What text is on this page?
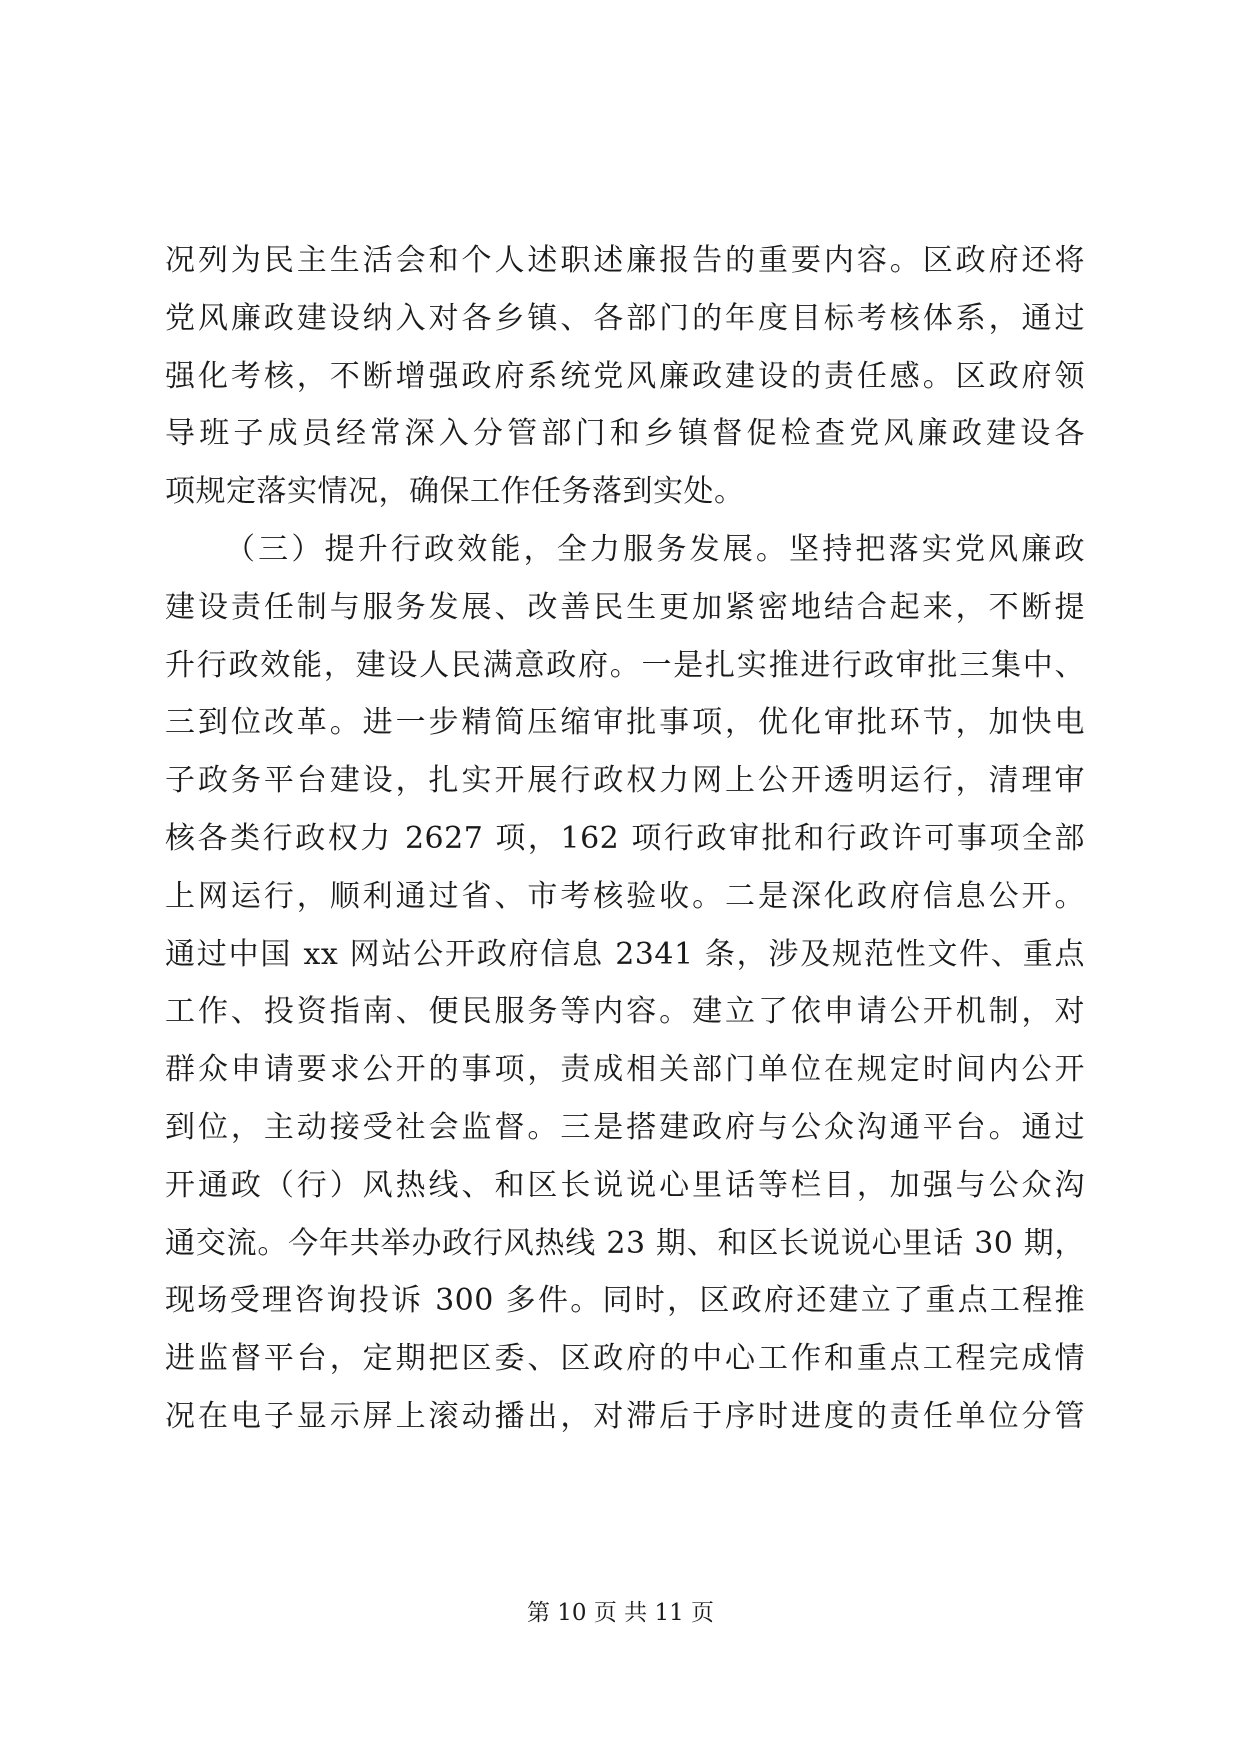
况列为民主生活会和个人述职述廉报告的重要内容。区政府还将
党风廉政建设纳入对各乡镇、各部门的年度目标考核体系，通过
强化考核，不断增强政府系统党风廉政建设的责任感。区政府领
导班子成员经常深入分管部门和乡镇督促检查党风廉政建设各
项规定落实情况，确保工作任务落到实处。
（三）提升行政效能，全力服务发展。坚持把落实党风廉政
建设责任制与服务发展、改善民生更加紧密地结合起来，不断提
升行政效能，建设人民满意政府。一是扎实推进行政审批三集中、
三到位改革。进一步精简压缩审批事项，优化审批环节，加快电
子政务平台建设，扎实开展行政权力网上公开透明运行，清理审
核各类行政权力 2627 项，162 项行政审批和行政许可事项全部
上网运行，顺利通过省、市考核验收。二是深化政府信息公开。
通过中国 xx 网站公开政府信息 2341 条，涉及规范性文件、重点
工作、投资指南、便民服务等内容。建立了依申请公开机制，对
群众申请要求公开的事项，责成相关部门单位在规定时间内公开
到位，主动接受社会监督。三是搭建政府与公众沟通平台。通过
开通政（行）风热线、和区长说说心里话等栏目，加强与公众沟
通交流。今年共举办政行风热线 23 期、和区长说说心里话 30 期，
现场受理咨询投诉 300 多件。同时，区政府还建立了重点工程推
进监督平台，定期把区委、区政府的中心工作和重点工程完成情
况在电子显示屏上滚动播出，对滞后于序时进度的责任单位分管
第 10 页 共 11 页
